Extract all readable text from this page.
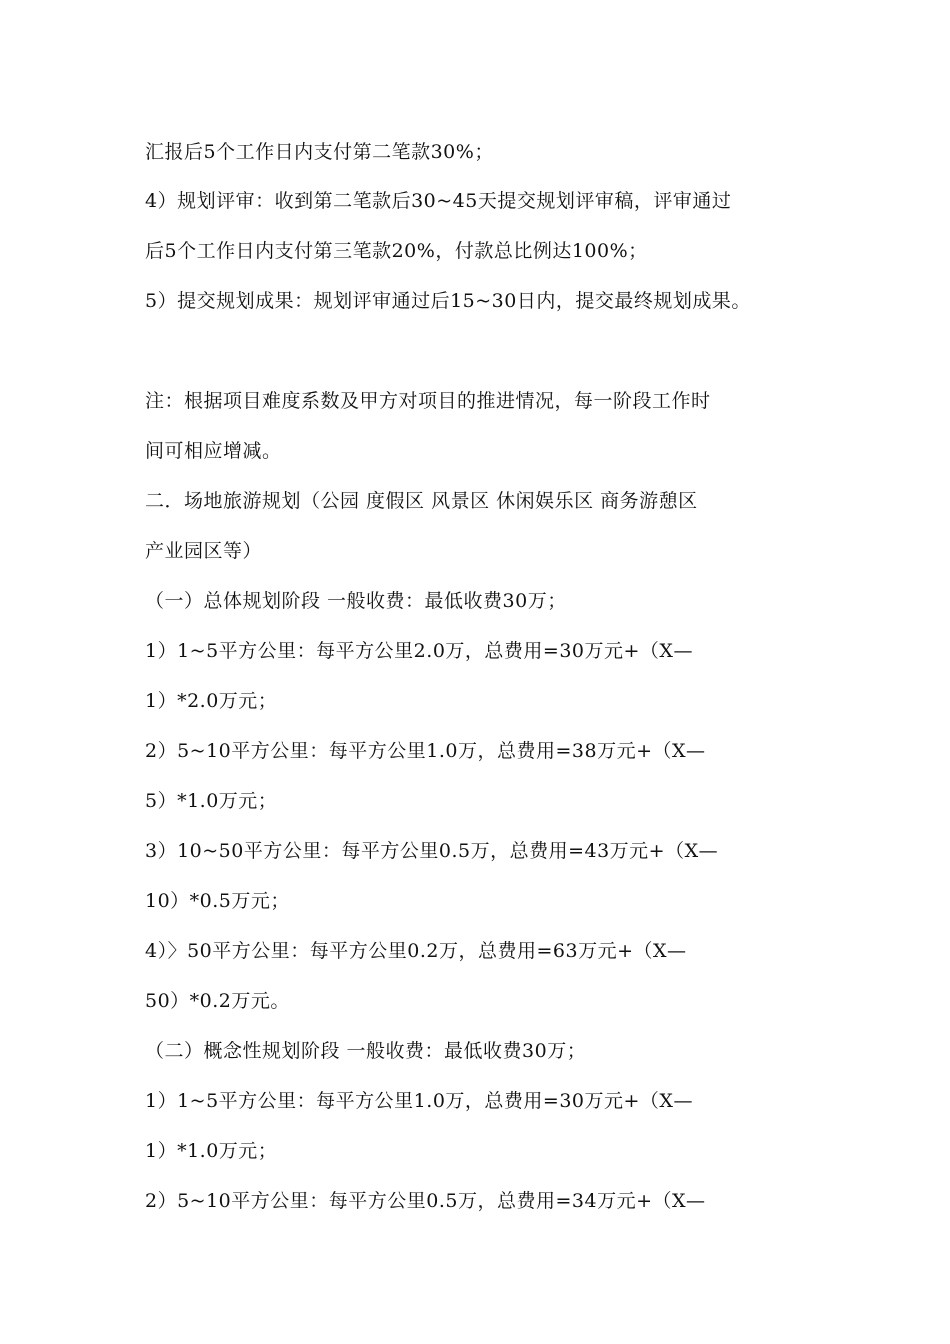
汇报后5个工作日内支付第二笔款30%；
4）规划评审：收到第二笔款后30~45天提交规划评审稿，评审通过
后5个工作日内支付第三笔款20%，付款总比例达100%；
5）提交规划成果：规划评审通过后15~30日内，提交最终规划成果。
注：根据项目难度系数及甲方对项目的推进情况，每一阶段工作时
间可相应增减。
二．场地旅游规划（公园 度假区 风景区 休闲娱乐区 商务游憩区
产业园区等）
（一）总体规划阶段 一般收费：最低收费30万；
1）1~5平方公里：每平方公里2.0万，总费用=30万元+（X—
1）*2.0万元；
2）5~10平方公里：每平方公里1.0万，总费用=38万元+（X—
5）*1.0万元；
3）10~50平方公里：每平方公里0.5万，总费用=43万元+（X—
10）*0.5万元；
4）〉50平方公里：每平方公里0.2万，总费用=63万元+（X—
50）*0.2万元。
（二）概念性规划阶段 一般收费：最低收费30万；
1）1~5平方公里：每平方公里1.0万，总费用=30万元+（X—
1）*1.0万元；
2）5~10平方公里：每平方公里0.5万，总费用=34万元+（X—
